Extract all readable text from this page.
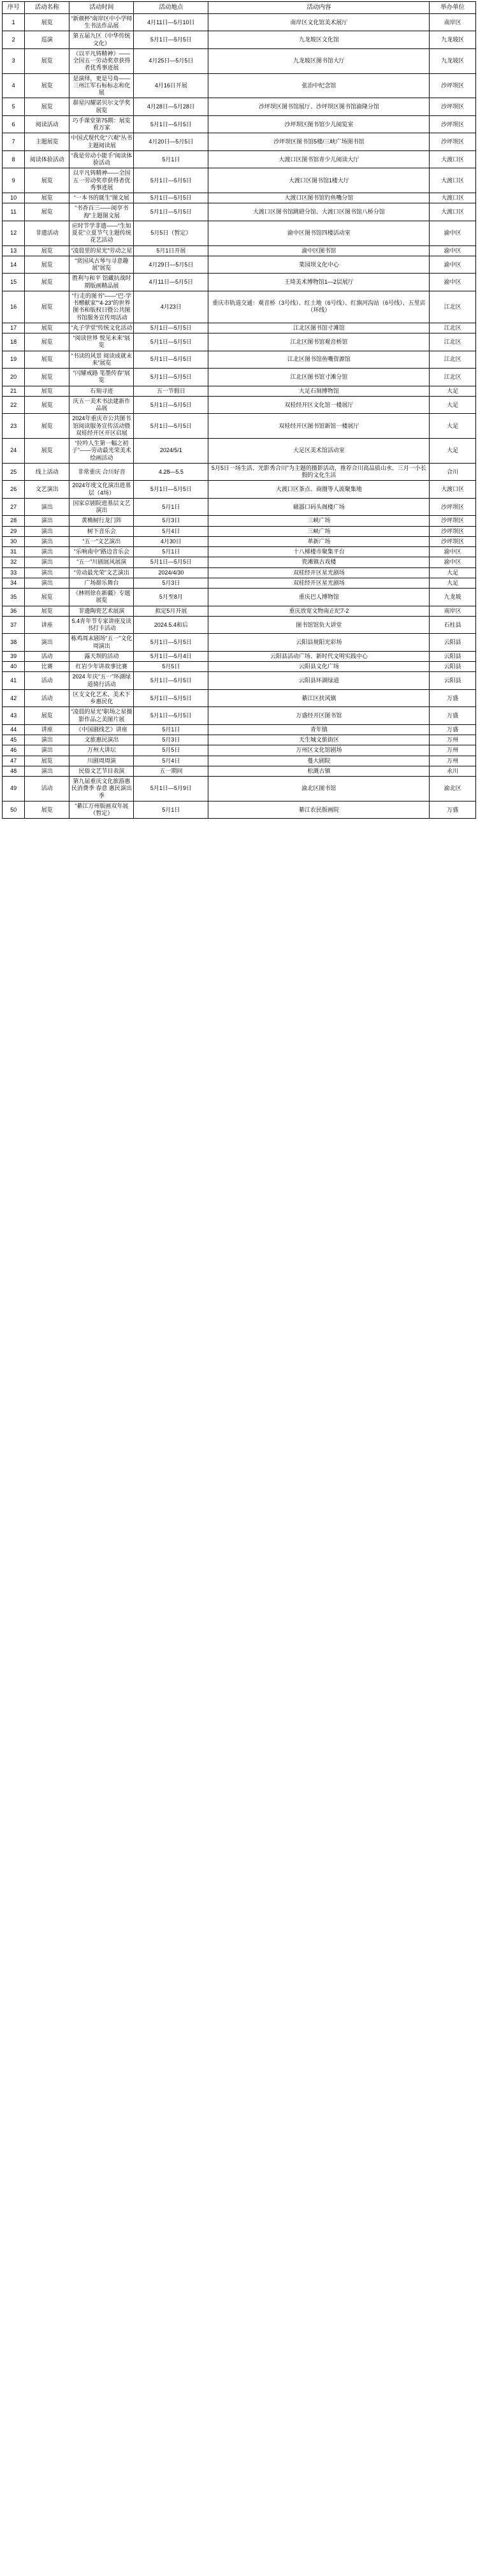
序号	活动名称	活动时间	活动地点	活动内容	举办单位
1	展览	“新颜杯”南岸区中小学师生书法作品展	4月11日—5月10日	南岸区文化馆美术展厅	南岸区
2	巡演	第五届九区（中华传统文化）	5月1日—5月5日	九龙坡区文化馆	九龙坡区
3	展览	《以平凡铸精神》——全国五一劳动奖章获得者优秀事迹展	4月25日—5月5日	九龙坡区图书馆大厅	九龙坡区
4	展览	是演绎，更是号角——三州江军石标标志和化展	4月16日开展	张治中纪念馆	沙坪坝区
5	展览	群星闪耀诺贝尔文学奖展览	4月28日—5月28日	沙坪坝区图书馆展厅、沙坪坝区图书馆渝隆分馆	沙坪坝区
6	阅读活动	巧手课堂第75期：展览看万家	5月1日—5月5日	沙坪坝区图书馆少儿阅览室	沙坪坝区
7	主题展览	中国式现代化“六观”丛书主题阅读展	4月20日—5月5日	沙坪坝区图书馆5楼/三峡广场图书馆	沙坪坝区
8	阅读体验活动	“我是劳动小能手”阅读体验活动	5月1日	大渡口区图书馆青少儿阅读大厅	大渡口区
9	展览	以平凡铸精神——全国五一劳动奖章获得者优秀事迹展	5月1日—5月5日	大渡口区图书馆1楼大厅	大渡口区
10	展览	“一本书的诞生”图文展	5月1日—5月5日	大渡口区图书馆钓鱼嘴分馆	大渡口区
11	展览	“书香百三——阅享书海”主题图文展	5月1日—5月5日	大渡口区图书馆跳磴分馆、大渡口区图书馆八桥分馆	大渡口区
12	非遗活动	应时节学非遗——“生如夏花”立夏节气主题传统花艺活动	5月5日（暂定）	渝中区图书馆四楼活动室	渝中区
13	展览	“凌晨里的星光”劳动之星	5月1日开展	渝中区图书馆	渝中区
14	展览	“赏国风古琴与寻意趣展”展览	4月29日—5月5日	菜园坝文化中心	渝中区
15	展览	胜利与和平 馆藏抗战时期版画精品展	4月11日—5月5日	王琦美术博物馆1—2层展厅	渝中区
16	展览	“行走的图书”——“巴·学书赠献家”“4·23”的世界图书和版权日暨公共图书馆服务宣传周活动	4月23日	重庆市轨道交通：观音桥（3号线）、红土地（6号线）、红旗河沟站（6号线）、五里店（环线）	江北区
17	展览	“丸子学堂”传统文化活动	5月1日—5月5日	江北区图书馆寸滩馆	江北区
18	展览	“阅读世界 悦见未来”展览	5月1日—5月5日	江北区图书馆观音桥馆	江北区
19	展览	“书读的风景 阅读成就未来”展览	5月1日—5月5日	江北区图书馆鱼嘴资源馆	江北区
20	展览	“闪耀戒路 笔墨传春”展览	5月1日—5月5日	江北区图书馆寸滩分馆	江北区
21	展览	石刻寻迹	五一节假日	大足石刻博物馆	大足
22	展览	庆五一美术书法建新作品展	5月1日—5月5日	双桂经开区文化馆一楼展厅	大足
23	展览	2024年重庆市公共图书馆阅读服务宣传活动暨双桂经开区开区启展	5月1日—5月5日	双桂经开区图书馆新馆一楼展厅	大足
24	展览	“拉吟人生第一幅之初子”——劳动最光荣美术绘画活动	2024/5/1	大足区美术馆活动室	大足
25	线上活动	非常重庆 合川好音	4.28—5.5	5月5日一场生活、光影秀合川”为主题的摄影活动，推荐合川高品质山水、三月一小长假的文化生活	合川
26	文艺演出	2024年度文化演出进基层（4场）	5月1日—5月5日	大渡口区茶点、商圈等人流聚集地	大渡口区
27	演出	国家京剧院进基层文艺演出	5月1日	磁器口码头阁楼广场	沙坪坝区
28	演出	黄桷树行龙门阵	5月3日	三峡广场	沙坪坝区
29	演出	树下音乐会	5月4日	三峡广场	沙坪坝区
30	演出	“五一”文艺演出	4月30日	革新广场	沙坪坝区
31	演出	“乐响南中”路边音乐会	5月1日	十八梯楼市聚集平台	渝中区
32	演出	“五一”川剧展风展演	5月1日—5月5日	瓷滩镇古戏楼	渝中区
33	演出	“劳动最光荣”文艺演出	2024/4/30	双桂经开区星光剧场	大足
34	演出	广场群乐舞台	5月3日	双桂经开区星光剧场	大足
35	展览	《林则徐在新疆》专题展览	5月至8月	重庆巴人博物馆	九龙坡
36	展览	非遗陶瓷艺术展演	拟定5月开展	重庆放宽文物南正纪7-2	南岸区
37	讲座	5.4青年节专家讲座及读书打卡活动	2024.5.4和后	图书馆馆负大讲堂	石柱县
38	演出	栋鸡周末剧场“五一”文化周演出	5月1日—5月5日	云阳县规阳光彩场	云阳县
39	活动	露天坝的活动	5月1日—5月4日	云阳县活动广场、新时代文明实践中心	云阳县
40	比赛	红岩少年讲故事比赛	5月5日	云阳县文化广场	云阳县
41	活动	2024 年庆“五一”环湖绿道骑行活动	5月1日—5月5日	云阳县环湖绿道	云阳县
42	活动	区支文化艺术、美术下乡惠民化	5月1日—5月5日	綦江区扶风镇	万盛
43	展览	“凌晨的星光”职场之星摄影作品之美图片展	5月1日—5月5日	万盛经开区图书馆	万盛
44	讲座	《中国剧线艺》讲座	5月1日	青年镇	万盛
45	演出	文旅惠民演出	5月3日	天生城文旅街区	万州
46	演出	万州大讲坛	5月5日	万州区文化馆剧场	万州
47	展览	川剧周周演	5月4日	蔓大剧院	万州
48	演出	民俗文艺节目表演	五一期间	松溉古镇	永川
49	活动	第九届重庆文化旅游惠民消费季 春意 惠民演出季	5月1日—5月9日	渝北区图书馆	渝北区
50	展览	“綦江万州版画双年展（暂定）	5月1日	綦江农民版画院	万盛
